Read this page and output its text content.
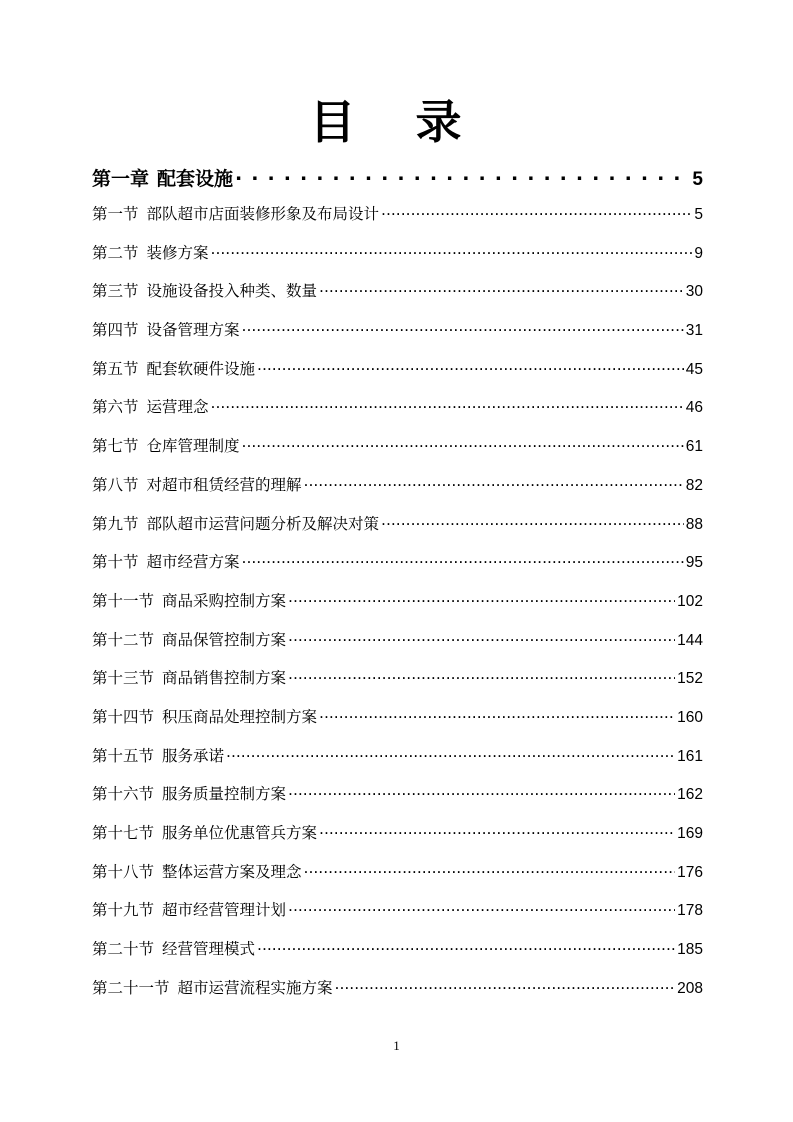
目 录
第一章 配套设施 . . .	5
第一节 部队超市店面装修形象及布局设计 .....	5
第二节 装修方案 .....	9
第三节 设施设备投入种类、数量 .....	30
第四节 设备管理方案 .....	31
第五节 配套软硬件设施 .....	45
第六节 运营理念 .....	46
第七节 仓库管理制度 .....	61
第八节 对超市租赁经营的理解 .....	82
第九节 部队超市运营问题分析及解决对策 .....	88
第十节 超市经营方案 .....	95
第十一节 商品采购控制方案 .....	102
第十二节 商品保管控制方案 .....	144
第十三节 商品销售控制方案 .....	152
第十四节 积压商品处理控制方案 .....	160
第十五节 服务承诺 .....	161
第十六节 服务质量控制方案 .....	162
第十七节 服务单位优惠管兵方案 .....	169
第十八节 整体运营方案及理念 .....	176
第十九节 超市经营管理计划 .....	178
第二十节 经营管理模式 .....	185
第二十一节 超市运营流程实施方案 .....	208
1
